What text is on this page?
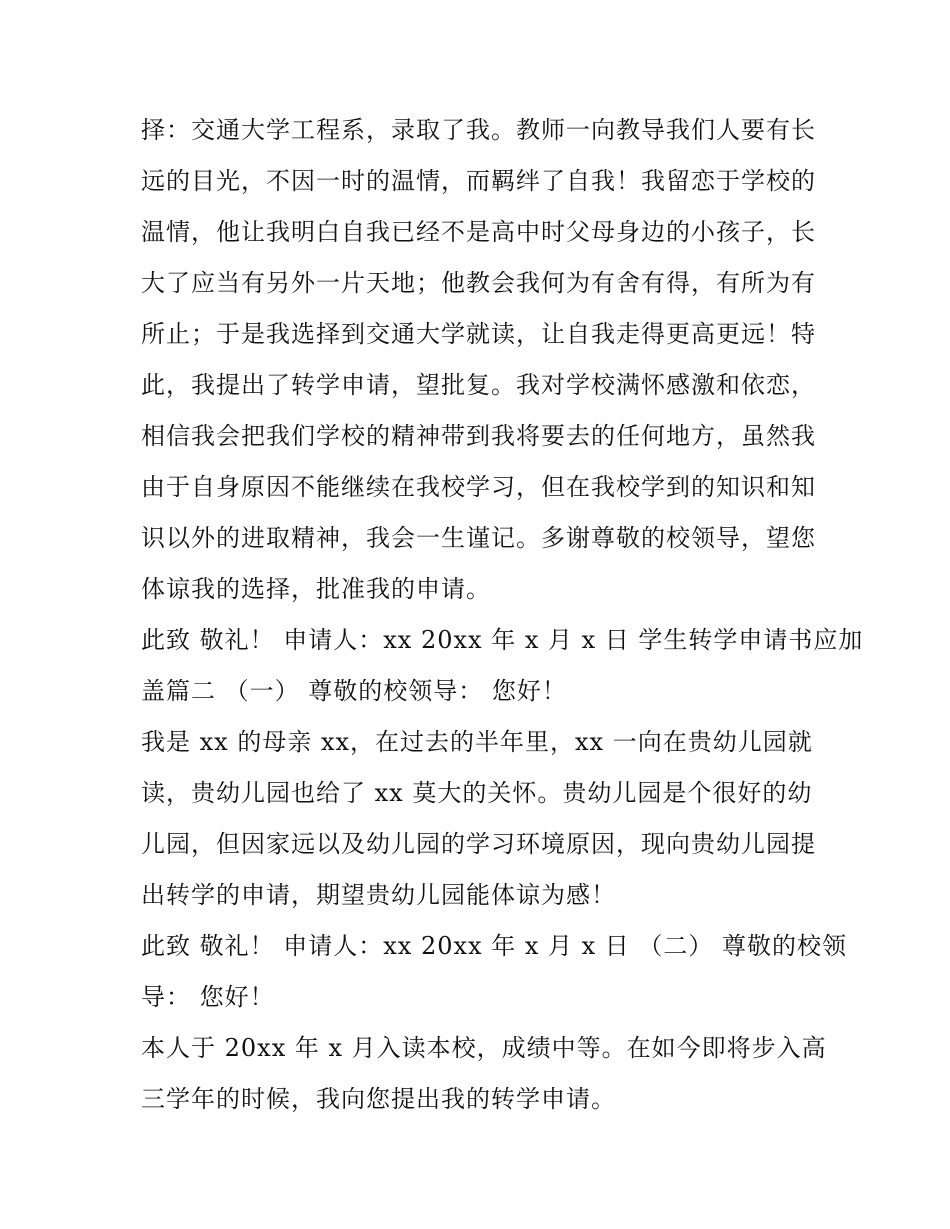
择：交通大学工程系，录取了我。教师一向教导我们人要有长
远的目光，不因一时的温情，而羁绊了自我！我留恋于学校的
温情，他让我明白自我已经不是高中时父母身边的小孩子，长
大了应当有另外一片天地；他教会我何为有舍有得，有所为有
所止；于是我选择到交通大学就读，让自我走得更高更远！特
此，我提出了转学申请，望批复。我对学校满怀感激和依恋，
相信我会把我们学校的精神带到我将要去的任何地方，虽然我
由于自身原因不能继续在我校学习，但在我校学到的知识和知
识以外的进取精神，我会一生谨记。多谢尊敬的校领导，望您
体谅我的选择，批准我的申请。
此致 敬礼！ 申请人：xx 20xx 年 x 月 x 日 学生转学申请书应加
盖篇二 （一） 尊敬的校领导： 您好！
我是 xx 的母亲 xx，在过去的半年里，xx 一向在贵幼儿园就
读，贵幼儿园也给了 xx 莫大的关怀。贵幼儿园是个很好的幼
儿园，但因家远以及幼儿园的学习环境原因，现向贵幼儿园提
出转学的申请，期望贵幼儿园能体谅为感！
此致 敬礼！ 申请人：xx 20xx 年 x 月 x 日 （二） 尊敬的校领
导： 您好！
本人于 20xx 年 x 月入读本校，成绩中等。在如今即将步入高
三学年的时候，我向您提出我的转学申请。
